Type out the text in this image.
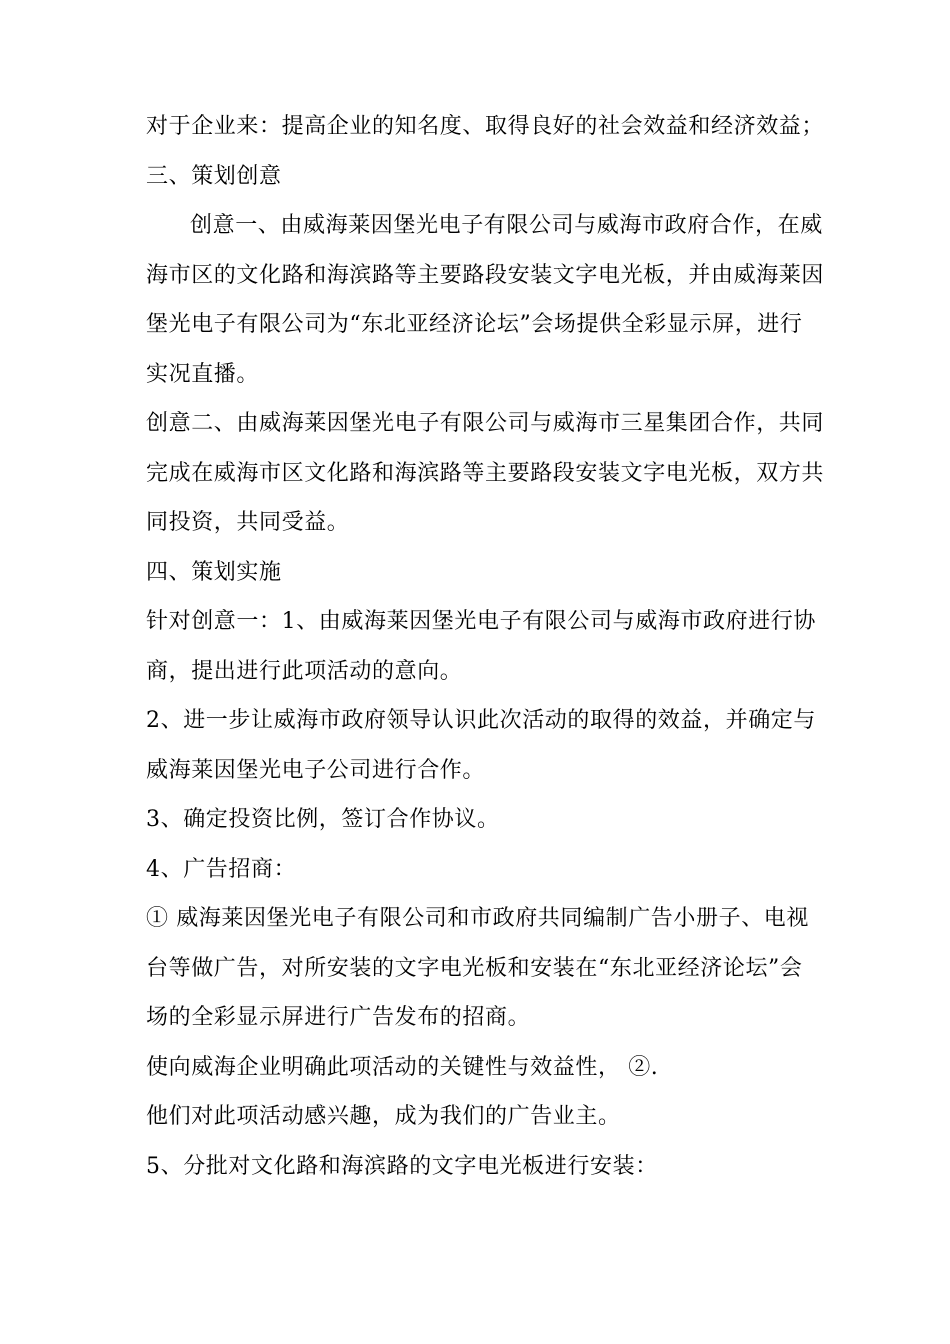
对于企业来：提高企业的知名度、取得良好的社会效益和经济效益；
三、策划创意
创意一、由威海莱因堡光电子有限公司与威海市政府合作，在威
海市区的文化路和海滨路等主要路段安装文字电光板，并由威海莱因
堡光电子有限公司为“东北亚经济论坛”会场提供全彩显示屏，进行
实况直播。
创意二、由威海莱因堡光电子有限公司与威海市三星集团合作，共同
完成在威海市区文化路和海滨路等主要路段安装文字电光板，双方共
同投资，共同受益。
四、策划实施
针对创意一：1、由威海莱因堡光电子有限公司与威海市政府进行协
商，提出进行此项活动的意向。
2、进一步让威海市政府领导认识此次活动的取得的效益，并确定与
威海莱因堡光电子公司进行合作。
3、确定投资比例，签订合作协议。
4、广告招商：
① 威海莱因堡光电子有限公司和市政府共同编制广告小册子、电视
台等做广告，对所安装的文字电光板和安装在“东北亚经济论坛”会
场的全彩显示屏进行广告发布的招商。
使向威海企业明确此项活动的关键性与效益性， ②.
他们对此项活动感兴趣，成为我们的广告业主。
5、分批对文化路和海滨路的文字电光板进行安装：
